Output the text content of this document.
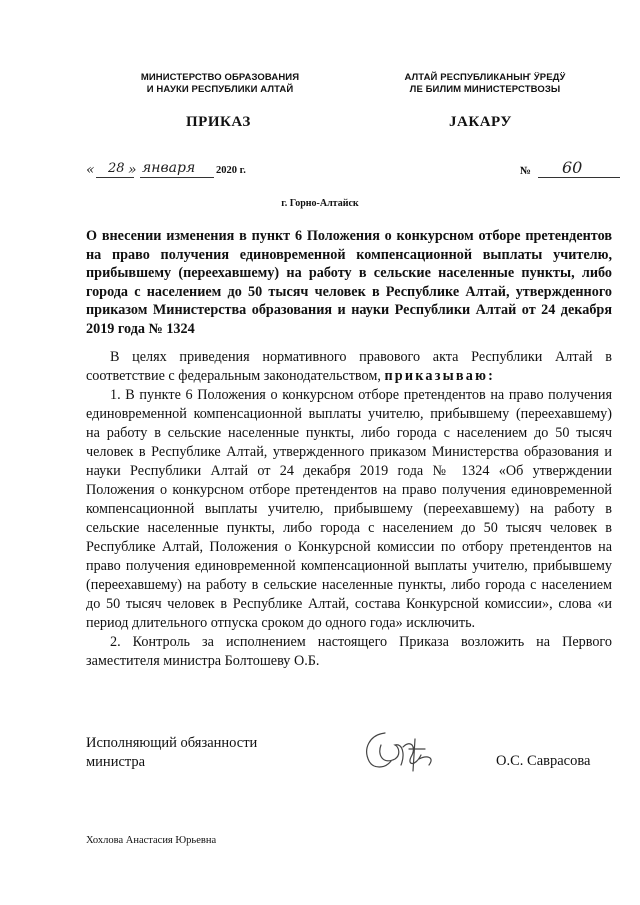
МИНИСТЕРСТВО ОБРАЗОВАНИЯ
И НАУКИ РЕСПУБЛИКИ АЛТАЙ
АЛТАЙ РЕСПУБЛИКАНЫҤ ӰРЕДӰ
ЛЕ БИЛИМ МИНИСТЕРСТВОЗЫ
ПРИКАЗ	JАКАРУ
« 28 » января 2020 г.	№ 60
г. Горно-Алтайск
О внесении изменения в пункт 6 Положения о конкурсном отборе претендентов на право получения единовременной компенсационной выплаты учителю, прибывшему (переехавшему) на работу в сельские населенные пункты, либо города с населением до 50 тысяч человек в Республике Алтай, утвержденного приказом Министерства образования и науки Республики Алтай от 24 декабря 2019 года № 1324

В целях приведения нормативного правового акта Республики Алтай в соответствие с федеральным законодательством, приказываю:

1. В пункте 6 Положения о конкурсном отборе претендентов на право получения единовременной компенсационной выплаты учителю, прибывшему (переехавшему) на работу в сельские населенные пункты, либо города с населением до 50 тысяч человек в Республике Алтай, утвержденного приказом Министерства образования и науки Республики Алтай от 24 декабря 2019 года № 1324 «Об утверждении Положения о конкурсном отборе претендентов на право получения единовременной компенсационной выплаты учителю, прибывшему (переехавшему) на работу в сельские населенные пункты, либо города с населением до 50 тысяч человек в Республике Алтай, Положения о Конкурсной комиссии по отбору претендентов на право получения единовременной компенсационной выплаты учителю, прибывшему (переехавшему) на работу в сельские населенные пункты, либо города с населением до 50 тысяч человек в Республике Алтай, состава Конкурсной комиссии», слова «и период длительного отпуска сроком до одного года» исключить.

2. Контроль за исполнением настоящего Приказа возложить на Первого заместителя министра Болтошеву О.Б.

Исполняющий обязанности
министра	О.С. Саврасова
Хохлова Анастасия Юрьевна
